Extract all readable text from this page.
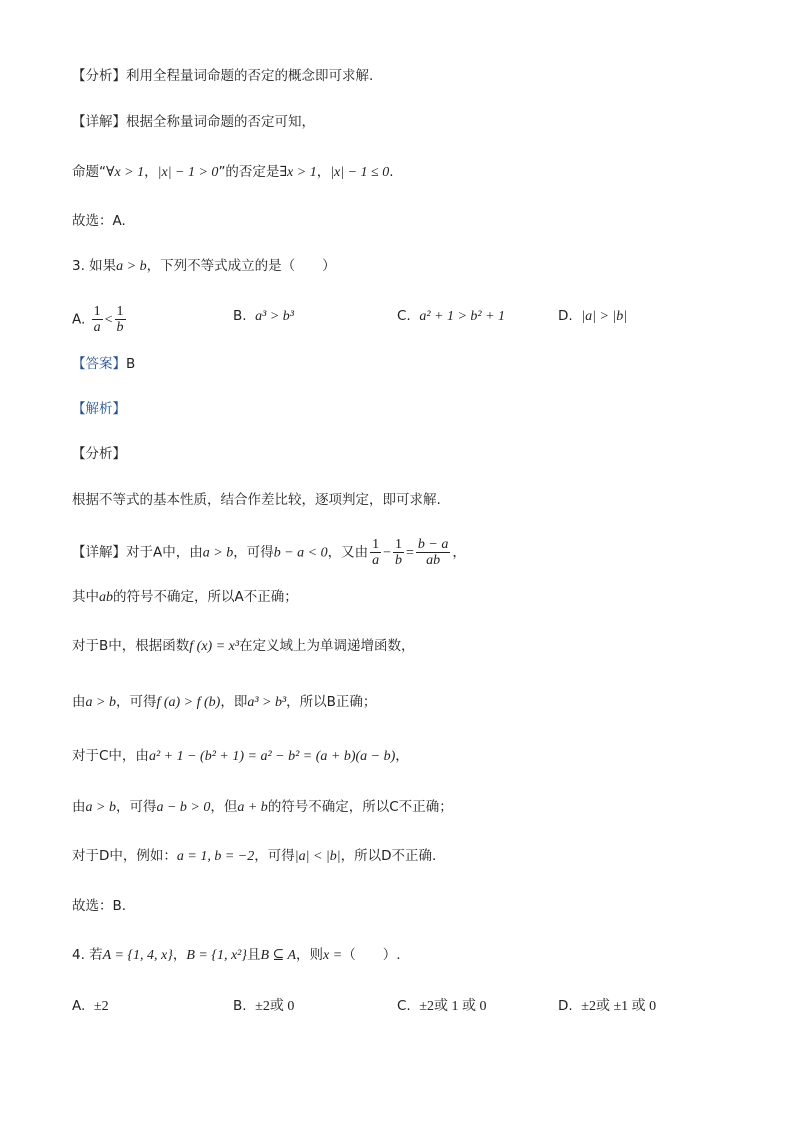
【分析】利用全程量词命题的否定的概念即可求解.
【详解】根据全称量词命题的否定可知，
命题“∀x > 1，|x| − 1 > 0”的否定是∃x > 1，|x| − 1 ≤ 0.
故选：A.
3. 如果a > b，下列不等式成立的是（　　）
A. $\frac{1}{a} < \frac{1}{b}$	B. a³ > b³	C. a² + 1 > b² + 1	D. |a| > |b|
【答案】B
【解析】
【分析】
根据不等式的基本性质，结合作差比较，逐项判定，即可求解.
【详解】对于A中，由a > b，可得b − a < 0，又由 $\frac{1}{a} - \frac{1}{b} = \frac{b - a}{ab}$ ，
其中ab的符号不确定，所以A不正确；
对于B中，根据函数f (x) = x³在定义域上为单调递增函数，
由a > b，可得f (a) > f (b)，即a³ > b³，所以B正确；
对于C中，由a² + 1 − (b² + 1) = a² − b² = (a + b)(a − b)，
由a > b，可得a − b > 0，但a + b的符号不确定，所以C不正确；
对于D中，例如：a = 1, b = −2，可得|a| < |b|，所以D不正确.
故选：B.
4. 若A = {1, 4, x}，B = {1, x²}且B ⊆ A，则x =（　　）.
A. ±2	B. ±2或 0	C. ±2或 1 或 0	D. ±2或 ±1 或 0
